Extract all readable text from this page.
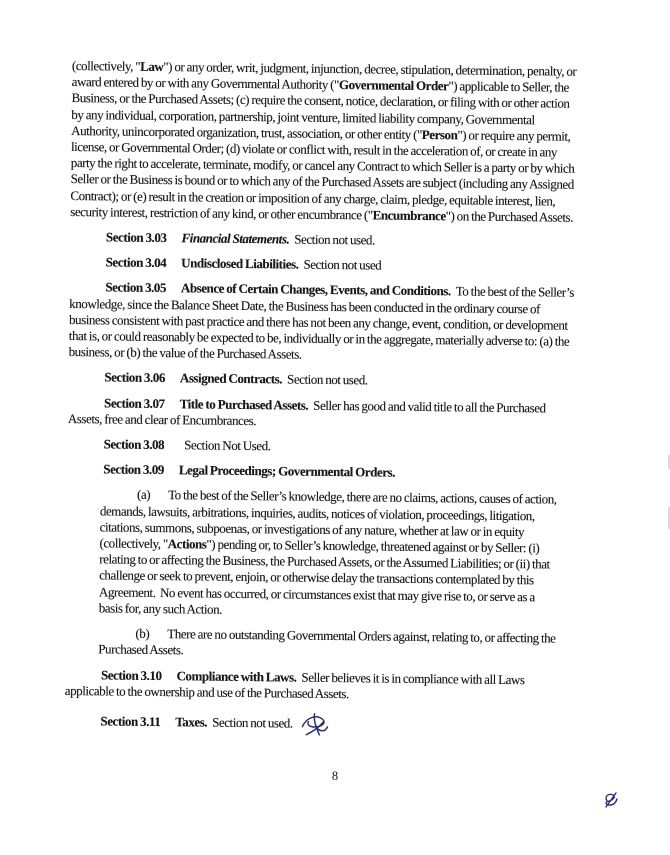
(collectively, "Law") or any order, writ, judgment, injunction, decree, stipulation, determination, penalty, or award entered by or with any Governmental Authority ("Governmental Order") applicable to Seller, the Business, or the Purchased Assets; (c) require the consent, notice, declaration, or filing with or other action by any individual, corporation, partnership, joint venture, limited liability company, Governmental Authority, unincorporated organization, trust, association, or other entity ("Person") or require any permit, license, or Governmental Order; (d) violate or conflict with, result in the acceleration of, or create in any party the right to accelerate, terminate, modify, or cancel any Contract to which Seller is a party or by which Seller or the Business is bound or to which any of the Purchased Assets are subject (including any Assigned Contract); or (e) result in the creation or imposition of any charge, claim, pledge, equitable interest, lien, security interest, restriction of any kind, or other encumbrance ("Encumbrance") on the Purchased Assets.

Section 3.03 Financial Statements. Section not used.

Section 3.04 Undisclosed Liabilities. Section not used

Section 3.05 Absence of Certain Changes, Events, and Conditions. To the best of the Seller’s knowledge, since the Balance Sheet Date, the Business has been conducted in the ordinary course of business consistent with past practice and there has not been any change, event, condition, or development that is, or could reasonably be expected to be, individually or in the aggregate, materially adverse to: (a) the business, or (b) the value of the Purchased Assets.

Section 3.06 Assigned Contracts. Section not used.

Section 3.07 Title to Purchased Assets. Seller has good and valid title to all the Purchased Assets, free and clear of Encumbrances.

Section 3.08 Section Not Used.

Section 3.09 Legal Proceedings; Governmental Orders.

(a) To the best of the Seller’s knowledge, there are no claims, actions, causes of action, demands, lawsuits, arbitrations, inquiries, audits, notices of violation, proceedings, litigation, citations, summons, subpoenas, or investigations of any nature, whether at law or in equity (collectively, "Actions") pending or, to Seller’s knowledge, threatened against or by Seller: (i) relating to or affecting the Business, the Purchased Assets, or the Assumed Liabilities; or (ii) that challenge or seek to prevent, enjoin, or otherwise delay the transactions contemplated by this Agreement.  No event has occurred, or circumstances exist that may give rise to, or serve as a basis for, any such Action.

(b) There are no outstanding Governmental Orders against, relating to, or affecting the Purchased Assets.

Section 3.10 Compliance with Laws. Seller believes it is in compliance with all Laws applicable to the ownership and use of the Purchased Assets.

Section 3.11 Taxes. Section not used.

8
